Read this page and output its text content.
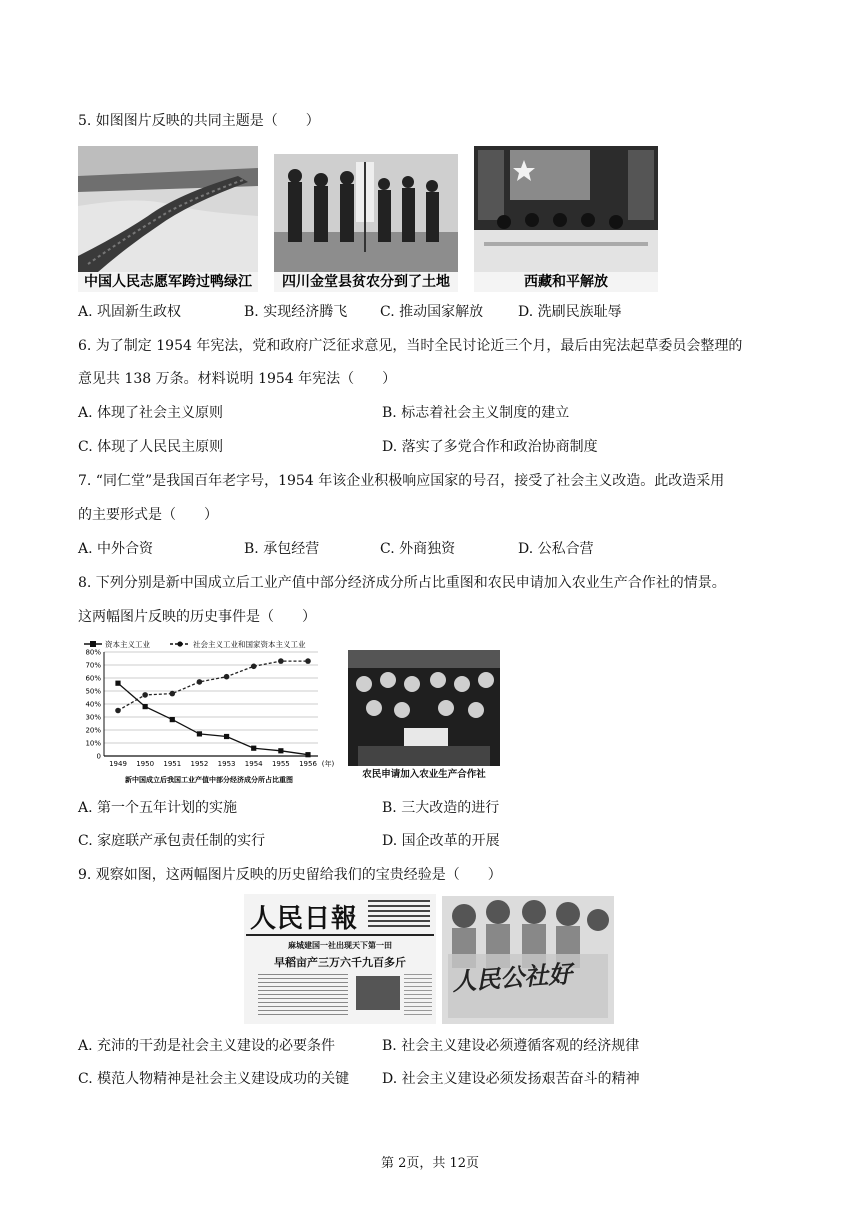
5. 如图图片反映的共同主题是（　　）
中国人民志愿军跨过鸭绿江	四川金堂县贫农分到了土地	西藏和平解放
A. 巩固新生政权	B. 实现经济腾飞 C. 推动国家解放 D. 洗刷民族耻辱
6. 为了制定 1954 年宪法，党和政府广泛征求意见，当时全民讨论近三个月，最后由宪法起草委员会整理的
意见共 138 万条。材料说明 1954 年宪法（　　）
A. 体现了社会主义原则	B. 标志着社会主义制度的建立
C. 体现了人民民主原则	D. 落实了多党合作和政治协商制度
7. “同仁堂”是我国百年老字号，1954 年该企业积极响应国家的号召，接受了社会主义改造。此改造采用
的主要形式是（　　）
A. 中外合资	B. 承包经营	C. 外商独资	D. 公私合营
8. 下列分别是新中国成立后工业产值中部分经济成分所占比重图和农民申请加入农业生产合作社的情景。
这两幅图片反映的历史事件是（　　）
资本主义工业	社会主义工业和国家资本主义工业
0
10%
20%
30%
40%
50%
60%
70%
80%
1949 1950 1951 1952 1953 1954 1955 1956 (年)
新中国成立后我国工业产值中部分经济成分所占比重图	农民申请加入农业生产合作社
A. 第一个五年计划的实施	B. 三大改造的进行
C. 家庭联产承包责任制的实行	D. 国企改革的开展
9. 观察如图，这两幅图片反映的历史留给我们的宝贵经验是（　　）
人民日報
麻城建国一社出现天下第一田
早稻亩产三万六千九百多斤	人民公社好
A. 充沛的干劲是社会主义建设的必要条件	B. 社会主义建设必须遵循客观的经济规律
C. 模范人物精神是社会主义建设成功的关键 D. 社会主义建设必须发扬艰苦奋斗的精神
第 2页，共 12页
